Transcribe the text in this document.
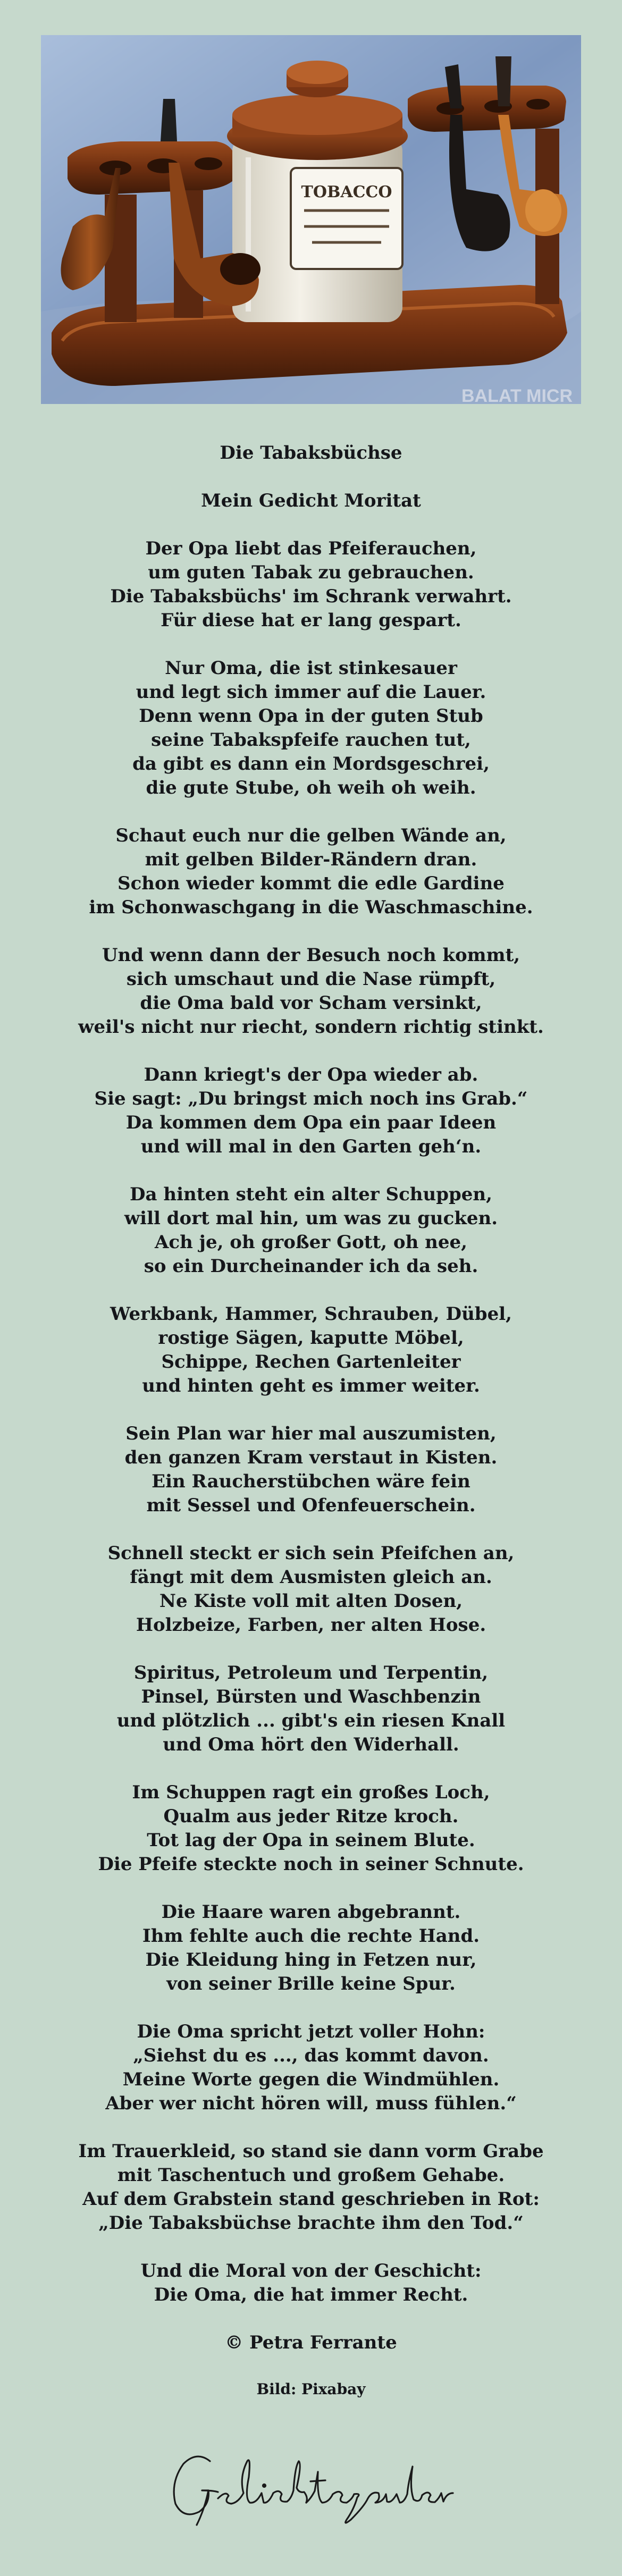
TOBACCO
BALAT MICR
Die Tabaksbüchse
Mein Gedicht Moritat
Der Opa liebt das Pfeiferauchen,
um guten Tabak zu gebrauchen.
Die Tabaksbüchs' im Schrank verwahrt.
Für diese hat er lang gespart.
Nur Oma, die ist stinkesauer
und legt sich immer auf die Lauer.
Denn wenn Opa in der guten Stub
seine Tabakspfeife rauchen tut,
da gibt es dann ein Mordsgeschrei,
die gute Stube, oh weih oh weih.
Schaut euch nur die gelben Wände an,
mit gelben Bilder-Rändern dran.
Schon wieder kommt die edle Gardine
im Schonwaschgang in die Waschmaschine.
Und wenn dann der Besuch noch kommt,
sich umschaut und die Nase rümpft,
die Oma bald vor Scham versinkt,
weil's nicht nur riecht, sondern richtig stinkt.
Dann kriegt's der Opa wieder ab.
Sie sagt: „Du bringst mich noch ins Grab.“
Da kommen dem Opa ein paar Ideen
und will mal in den Garten geh‘n.
Da hinten steht ein alter Schuppen,
will dort mal hin, um was zu gucken.
Ach je, oh großer Gott, oh nee,
so ein Durcheinander ich da seh.
Werkbank, Hammer, Schrauben, Dübel,
rostige Sägen, kaputte Möbel,
Schippe, Rechen Gartenleiter
und hinten geht es immer weiter.
Sein Plan war hier mal auszumisten,
den ganzen Kram verstaut in Kisten.
Ein Raucherstübchen wäre fein
mit Sessel und Ofenfeuerschein.
Schnell steckt er sich sein Pfeifchen an,
fängt mit dem Ausmisten gleich an.
Ne Kiste voll mit alten Dosen,
Holzbeize, Farben, ner alten Hose.
Spiritus, Petroleum und Terpentin,
Pinsel, Bürsten und Waschbenzin
und plötzlich ... gibt's ein riesen Knall
und Oma hört den Widerhall.
Im Schuppen ragt ein großes Loch,
Qualm aus jeder Ritze kroch.
Tot lag der Opa in seinem Blute.
Die Pfeife steckte noch in seiner Schnute.
Die Haare waren abgebrannt.
Ihm fehlte auch die rechte Hand.
Die Kleidung hing in Fetzen nur,
von seiner Brille keine Spur.
Die Oma spricht jetzt voller Hohn:
„Siehst du es ..., das kommt davon.
Meine Worte gegen die Windmühlen.
Aber wer nicht hören will, muss fühlen.“
Im Trauerkleid, so stand sie dann vorm Grabe
mit Taschentuch und großem Gehabe.
Auf dem Grabstein stand geschrieben in Rot:
„Die Tabaksbüchse brachte ihm den Tod.“
Und die Moral von der Geschicht:
Die Oma, die hat immer Recht.
© Petra Ferrante
Bild: Pixabay
